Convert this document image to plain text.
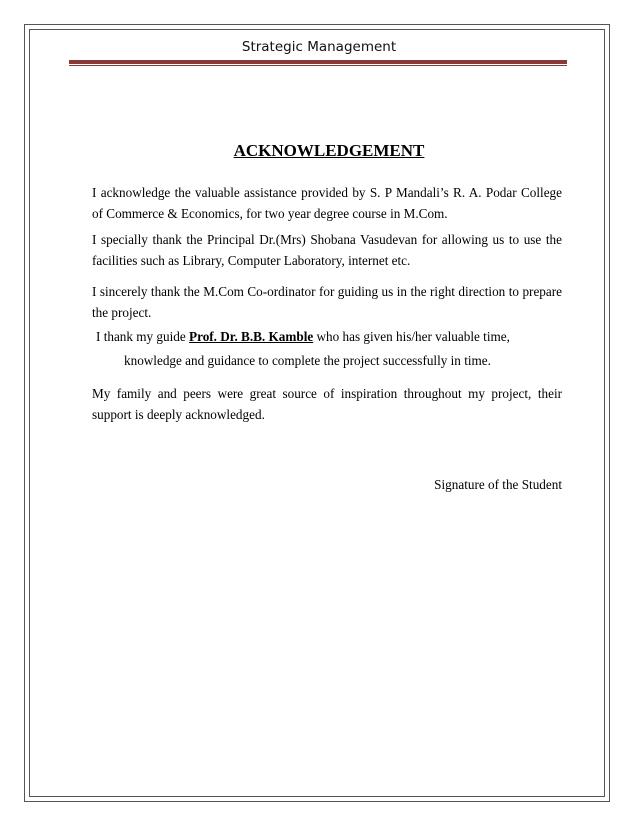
Strategic Management
ACKNOWLEDGEMENT
I acknowledge the valuable assistance provided by S. P Mandali’s R. A. Podar College of Commerce & Economics, for two year degree course in M.Com.
I specially thank the Principal Dr.(Mrs) Shobana Vasudevan for allowing us to use the facilities such as Library, Computer Laboratory, internet etc.
I sincerely thank the M.Com Co-ordinator for guiding us in the right direction to prepare the project.
I thank my guide Prof. Dr. B.B. Kamble who has given his/her valuable time,
knowledge and guidance to complete the project successfully in time.
My family and peers were great source of inspiration throughout my project, their support is deeply acknowledged.
Signature of the Student
